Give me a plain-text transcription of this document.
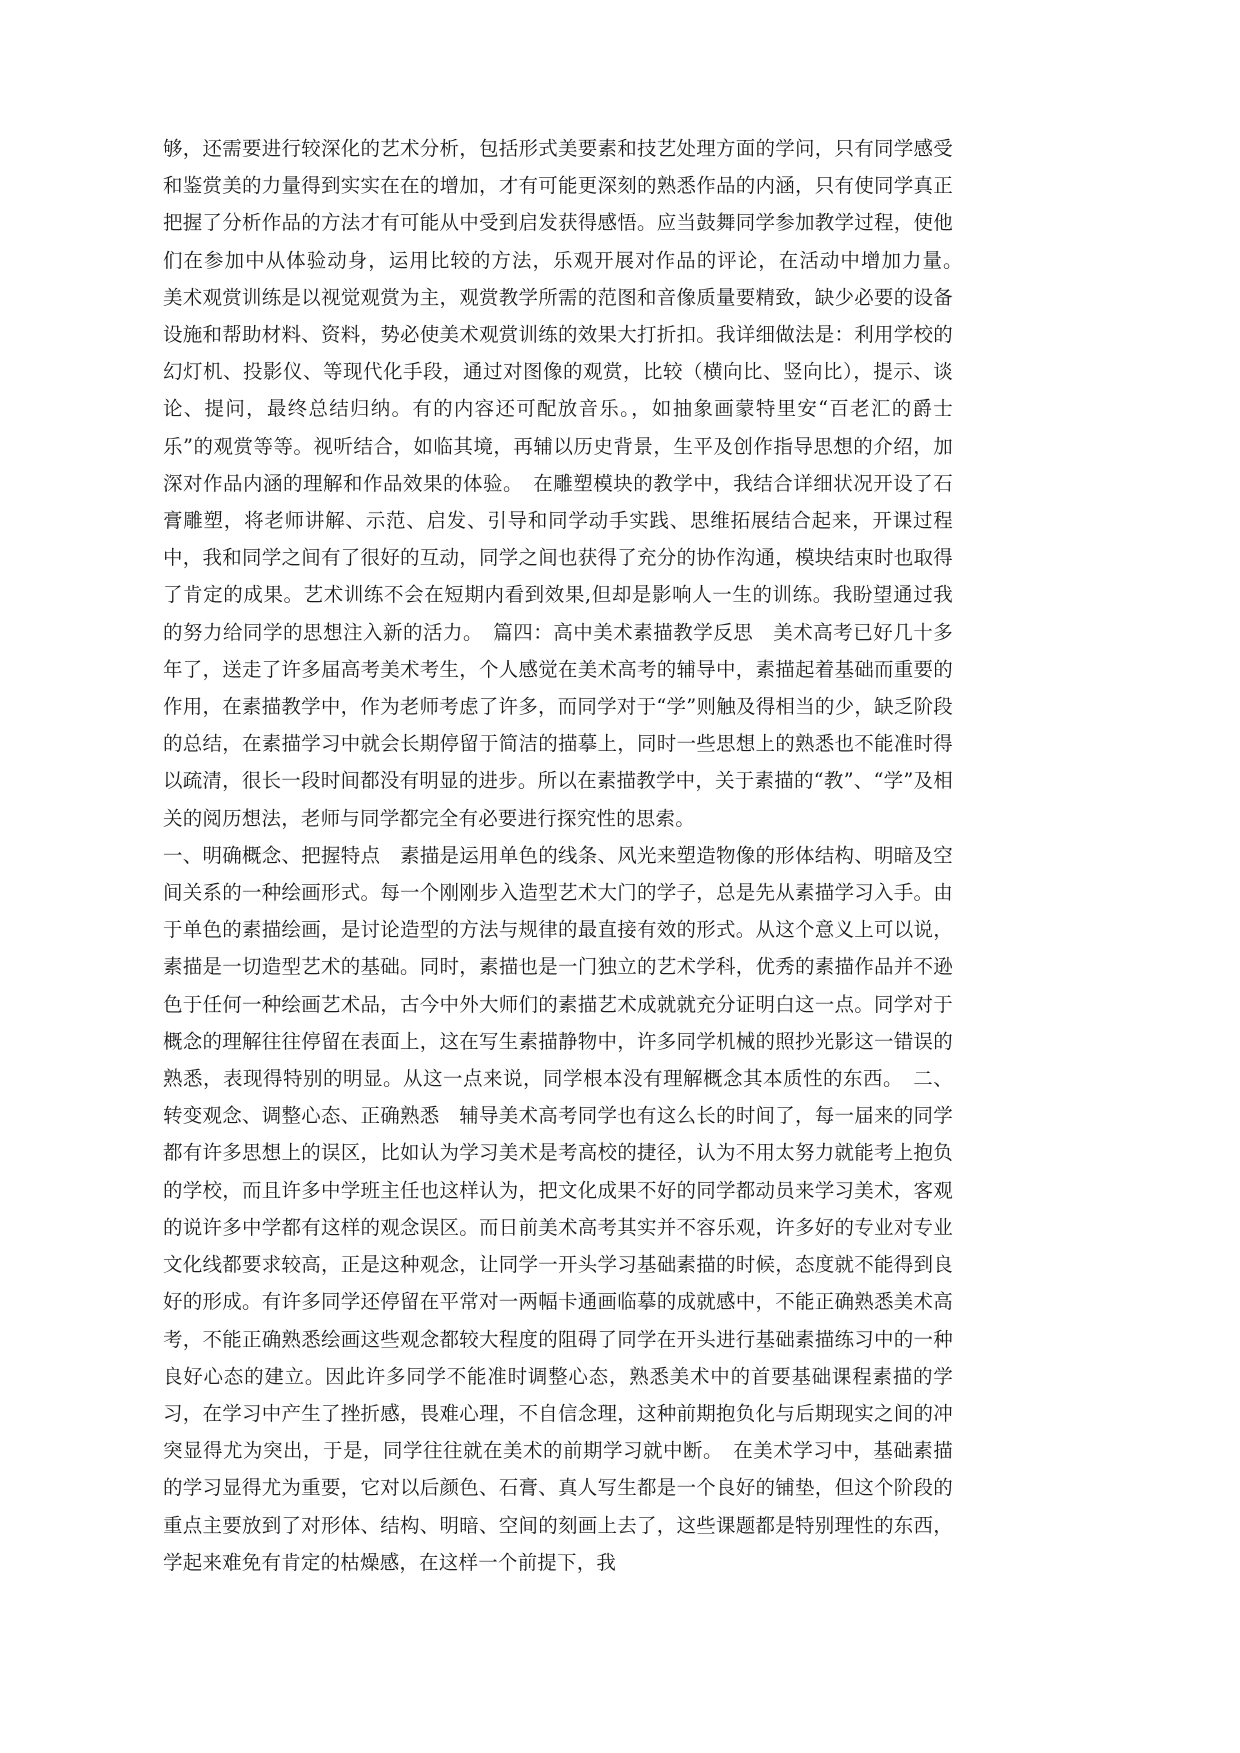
够，还需要进行较深化的艺术分析，包括形式美要素和技艺处理方面的学问，只有同学感受和鉴赏美的力量得到实实在在的增加，才有可能更深刻的熟悉作品的内涵，只有使同学真正把握了分析作品的方法才有可能从中受到启发获得感悟。应当鼓舞同学参加教学过程，使他们在参加中从体验动身，运用比较的方法，乐观开展对作品的评论，在活动中增加力量。　美术观赏训练是以视觉观赏为主，观赏教学所需的范图和音像质量要精致，缺少必要的设备设施和帮助材料、资料，势必使美术观赏训练的效果大打折扣。我详细做法是：利用学校的幻灯机、投影仪、等现代化手段，通过对图像的观赏，比较（横向比、竖向比），提示、谈论、提问，最终总结归纳。有的内容还可配放音乐。，如抽象画蒙特里安“百老汇的爵士乐”的观赏等等。视听结合，如临其境，再辅以历史背景，生平及创作指导思想的介绍，加深对作品内涵的理解和作品效果的体验。　在雕塑模块的教学中，我结合详细状况开设了石膏雕塑，将老师讲解、示范、启发、引导和同学动手实践、思维拓展结合起来，开课过程中，我和同学之间有了很好的互动，同学之间也获得了充分的协作沟通，模块结束时也取得了肯定的成果。艺术训练不会在短期内看到效果,但却是影响人一生的训练。我盼望通过我的努力给同学的思想注入新的活力。　篇四：高中美术素描教学反思　美术高考已好几十多年了，送走了许多届高考美术考生，个人感觉在美术高考的辅导中，素描起着基础而重要的作用，在素描教学中，作为老师考虑了许多，而同学对于“学”则触及得相当的少，缺乏阶段的总结，在素描学习中就会长期停留于简洁的描摹上，同时一些思想上的熟悉也不能准时得以疏清，很长一段时间都没有明显的进步。所以在素描教学中，关于素描的“教”、“学”及相关的阅历想法，老师与同学都完全有必要进行探究性的思索。

一、明确概念、把握特点　素描是运用单色的线条、风光来塑造物像的形体结构、明暗及空间关系的一种绘画形式。每一个刚刚步入造型艺术大门的学子，总是先从素描学习入手。由于单色的素描绘画，是讨论造型的方法与规律的最直接有效的形式。从这个意义上可以说，素描是一切造型艺术的基础。同时，素描也是一门独立的艺术学科，优秀的素描作品并不逊色于任何一种绘画艺术品，古今中外大师们的素描艺术成就就充分证明白这一点。同学对于概念的理解往往停留在表面上，这在写生素描静物中，许多同学机械的照抄光影这一错误的熟悉，表现得特别的明显。从这一点来说，同学根本没有理解概念其本质性的东西。　二、转变观念、调整心态、正确熟悉　辅导美术高考同学也有这么长的时间了，每一届来的同学都有许多思想上的误区，比如认为学习美术是考高校的捷径，认为不用太努力就能考上抱负的学校，而且许多中学班主任也这样认为，把文化成果不好的同学都动员来学习美术，客观的说许多中学都有这样的观念误区。而日前美术高考其实并不容乐观，许多好的专业对专业文化线都要求较高，正是这种观念，让同学一开头学习基础素描的时候，态度就不能得到良好的形成。有许多同学还停留在平常对一两幅卡通画临摹的成就感中，不能正确熟悉美术高考，不能正确熟悉绘画这些观念都较大程度的阻碍了同学在开头进行基础素描练习中的一种良好心态的建立。因此许多同学不能准时调整心态，熟悉美术中的首要基础课程素描的学习，在学习中产生了挫折感，畏难心理，不自信念理，这种前期抱负化与后期现实之间的冲突显得尤为突出，于是，同学往往就在美术的前期学习就中断。　在美术学习中，基础素描的学习显得尤为重要，它对以后颜色、石膏、真人写生都是一个良好的铺垫，但这个阶段的重点主要放到了对形体、结构、明暗、空间的刻画上去了，这些课题都是特别理性的东西，学起来难免有肯定的枯燥感，在这样一个前提下，我
